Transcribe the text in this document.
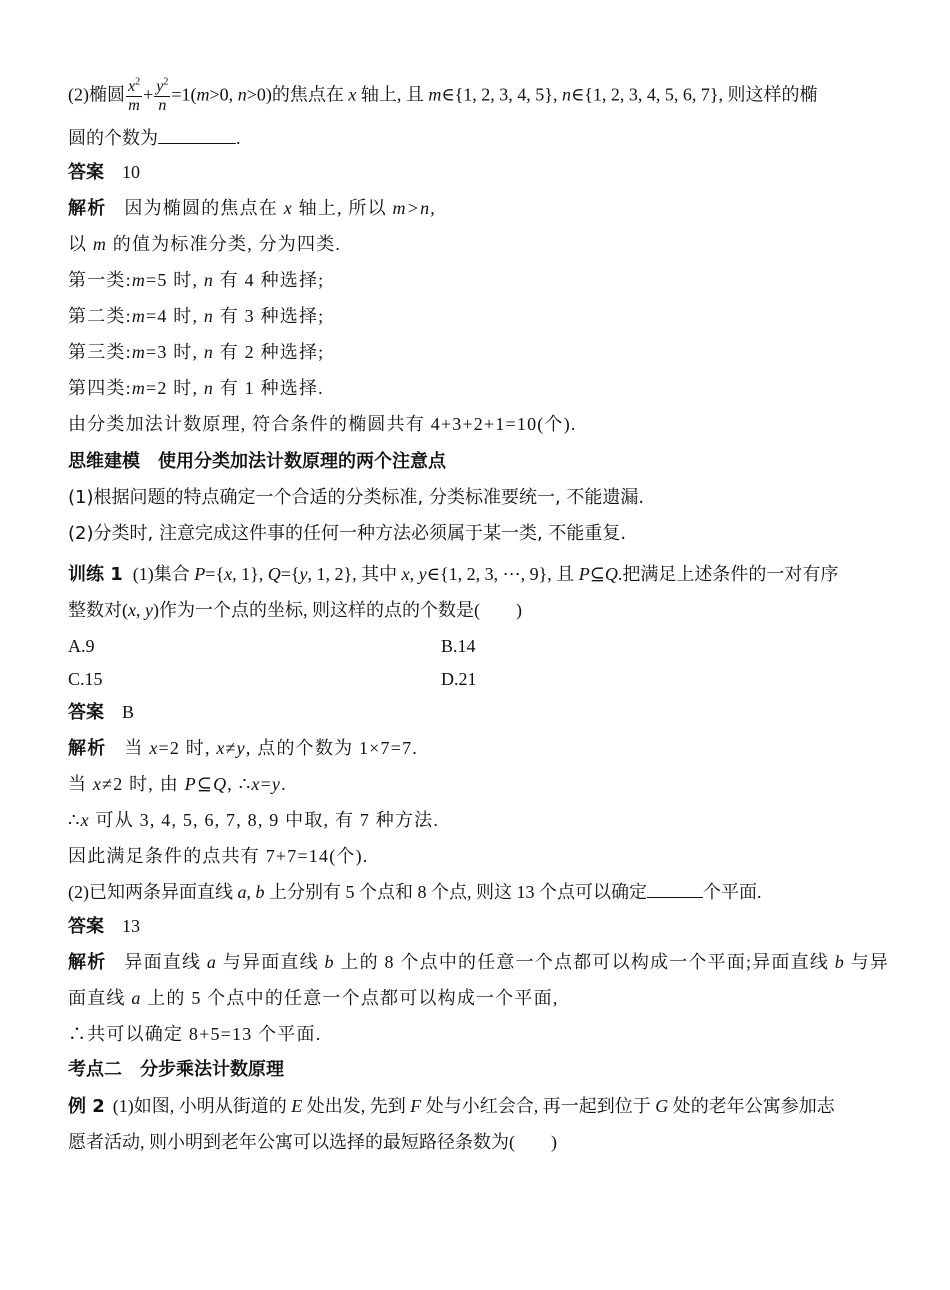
(2)椭圆 $\frac{x^2}{m} + \frac{y^2}{n} =1(m>0$, n>0)的焦点在 x 轴上, 且 m∈{1, 2, 3, 4, 5}, n∈{1, 2, 3, 4, 5, 6, 7}, 则这样的椭
圆的个数为	.
答案 10
解析 因为椭圆的焦点在 x 轴上, 所以 m>n,
以 m 的值为标准分类, 分为四类.
第一类:m=5 时, n 有 4 种选择;
第二类:m=4 时, n 有 3 种选择;
第三类:m=3 时, n 有 2 种选择;
第四类:m=2 时, n 有 1 种选择.
由分类加法计数原理, 符合条件的椭圆共有 4+3+2+1=10(个).
思维建模　使用分类加法计数原理的两个注意点
(1)根据问题的特点确定一个合适的分类标准, 分类标准要统一, 不能遗漏.
(2)分类时, 注意完成这件事的任何一种方法必须属于某一类, 不能重复.
训练 1 (1)集合 P={x, 1}, Q={y, 1, 2}, 其中 x, y∈{1, 2, 3, ⋯, 9}, 且 P⊆Q.把满足上述条件的一对有序
整数对(x, y)作为一个点的坐标, 则这样的点的个数是(　　)
A.9	B.14
C.15	D.21
答案 B
解析 当 x=2 时, x≠y, 点的个数为 1×7=7.
当 x≠2 时, 由 P⊆Q, ∴x=y.
∴x 可从 3, 4, 5, 6, 7, 8, 9 中取, 有 7 种方法.
因此满足条件的点共有 7+7=14(个).
(2)已知两条异面直线 a, b 上分别有 5 个点和 8 个点, 则这 13 个点可以确定	个平面.
答案 13
解析 异面直线 a 与异面直线 b 上的 8 个点中的任意一个点都可以构成一个平面;异面直线 b 与异
面直线 a 上的 5 个点中的任意一个点都可以构成一个平面,
∴共可以确定 8+5=13 个平面.
考点二　分步乘法计数原理
例 2 (1)如图, 小明从街道的 E 处出发, 先到 F 处与小红会合, 再一起到位于 G 处的老年公寓参加志
愿者活动, 则小明到老年公寓可以选择的最短路径条数为(　　)
